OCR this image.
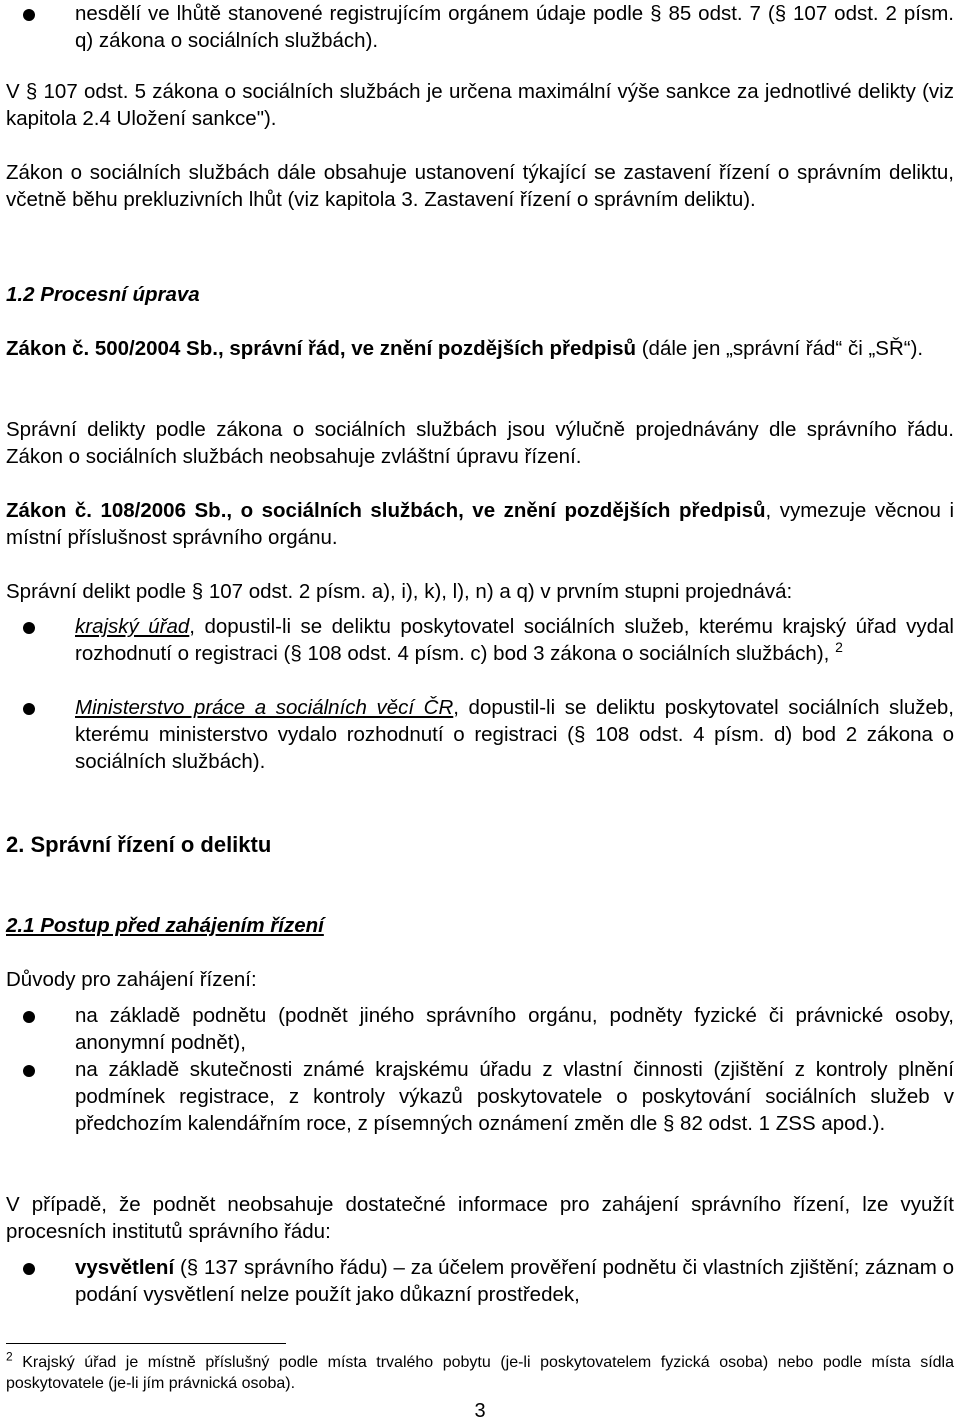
nesdělí ve lhůtě stanovené registrujícím orgánem údaje podle § 85 odst. 7 (§ 107 odst. 2 písm. q) zákona o sociálních službách).

V § 107 odst. 5 zákona o sociálních službách je určena maximální výše sankce za jednotlivé delikty (viz kapitola 2.4 Uložení sankce").

Zákon o sociálních službách dále obsahuje ustanovení týkající se zastavení řízení o správním deliktu, včetně běhu prekluzivních lhůt (viz kapitola 3. Zastavení řízení o správním deliktu).

1.2 Procesní úprava

Zákon č. 500/2004 Sb., správní řád, ve znění pozdějších předpisů (dále jen „správní řád“ či „SŘ“).

Správní delikty podle zákona o sociálních službách jsou výlučně projednávány dle správního řádu. Zákon o sociálních službách neobsahuje zvláštní úpravu řízení.

Zákon č. 108/2006 Sb., o sociálních službách, ve znění pozdějších předpisů, vymezuje věcnou i místní příslušnost správního orgánu.

Správní delikt podle § 107 odst. 2 písm. a), i), k), l), n) a q) v prvním stupni projednává:

krajský úřad, dopustil-li se deliktu poskytovatel sociálních služeb, kterému krajský úřad vydal rozhodnutí o registraci (§ 108 odst. 4 písm. c) bod 3 zákona o sociálních službách), $^2$

Ministerstvo práce a sociálních věcí ČR, dopustil-li se deliktu poskytovatel sociálních služeb, kterému ministerstvo vydalo rozhodnutí o registraci (§ 108 odst. 4 písm. d) bod 2 zákona o sociálních službách).

2. Správní řízení o deliktu

2.1 Postup před zahájením řízení

Důvody pro zahájení řízení:

na základě podnětu (podnět jiného správního orgánu, podněty fyzické či právnické osoby, anonymní podnět),

na základě skutečnosti známé krajskému úřadu z vlastní činnosti (zjištění z kontroly plnění podmínek registrace, z kontroly výkazů poskytovatele o poskytování sociálních služeb v předchozím kalendářním roce, z písemných oznámení změn dle § 82 odst. 1 ZSS apod.).

V případě, že podnět neobsahuje dostatečné informace pro zahájení správního řízení, lze využít procesních institutů správního řádu:

vysvětlení (§ 137 správního řádu) – za účelem prověření podnětu či vlastních zjištění; záznam o podání vysvětlení nelze použít jako důkazní prostředek,

$^2$ Krajský úřad je místně příslušný podle místa trvalého pobytu (je-li poskytovatelem fyzická osoba) nebo podle místa sídla poskytovatele (je-li jím právnická osoba).

3
